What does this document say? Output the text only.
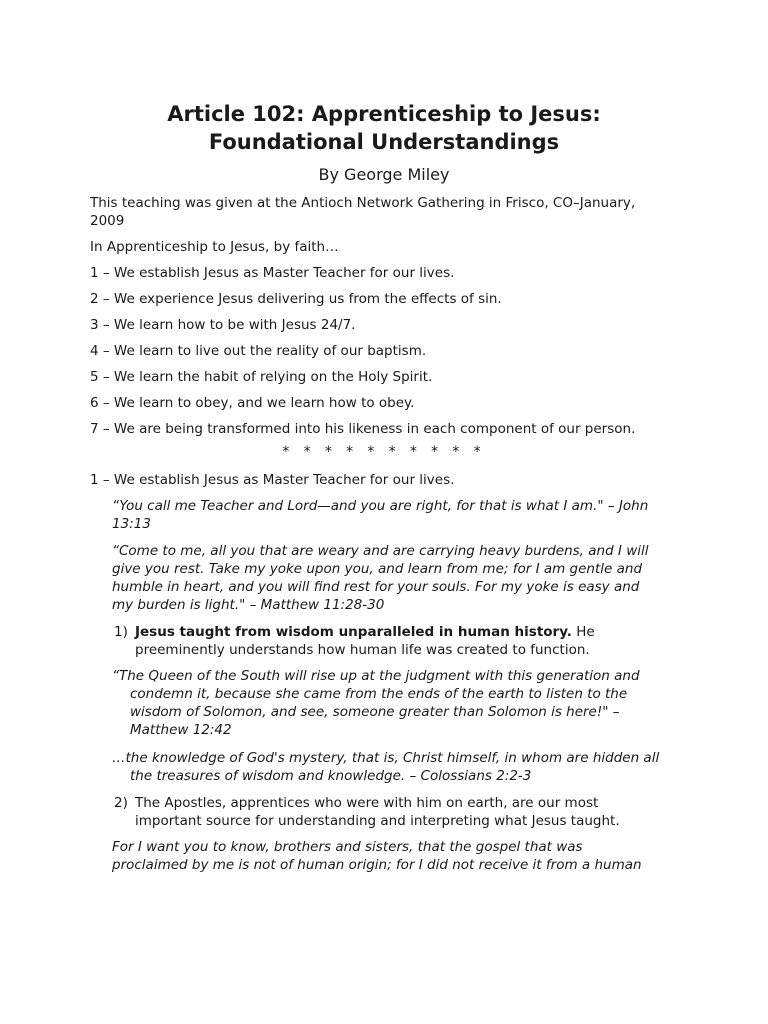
Article 102: Apprenticeship to Jesus:
Foundational Understandings
By George Miley
This teaching was given at the Antioch Network Gathering in Frisco, CO–January,
2009
In Apprenticeship to Jesus, by faith…
1 – We establish Jesus as Master Teacher for our lives.
2 – We experience Jesus delivering us from the effects of sin.
3 – We learn how to be with Jesus 24/7.
4 – We learn to live out the reality of our baptism.
5 – We learn the habit of relying on the Holy Spirit.
6 – We learn to obey, and we learn how to obey.
7 – We are being transformed into his likeness in each component of our person.
* * * * * * * * * *
1 – We establish Jesus as Master Teacher for our lives.
“You call me Teacher and Lord—and you are right, for that is what I am." – John
13:13
“Come to me, all you that are weary and are carrying heavy burdens, and I will
give you rest. Take my yoke upon you, and learn from me; for I am gentle and
humble in heart, and you will find rest for your souls. For my yoke is easy and
my burden is light." – Matthew 11:28-30
1) Jesus taught from wisdom unparalleled in human history. He
preeminently understands how human life was created to function.
“The Queen of the South will rise up at the judgment with this generation and
condemn it, because she came from the ends of the earth to listen to the
wisdom of Solomon, and see, someone greater than Solomon is here!" –
Matthew 12:42
…the knowledge of God's mystery, that is, Christ himself, in whom are hidden all
the treasures of wisdom and knowledge. – Colossians 2:2-3
2) The Apostles, apprentices who were with him on earth, are our most
important source for understanding and interpreting what Jesus taught.
For I want you to know, brothers and sisters, that the gospel that was
proclaimed by me is not of human origin; for I did not receive it from a human
